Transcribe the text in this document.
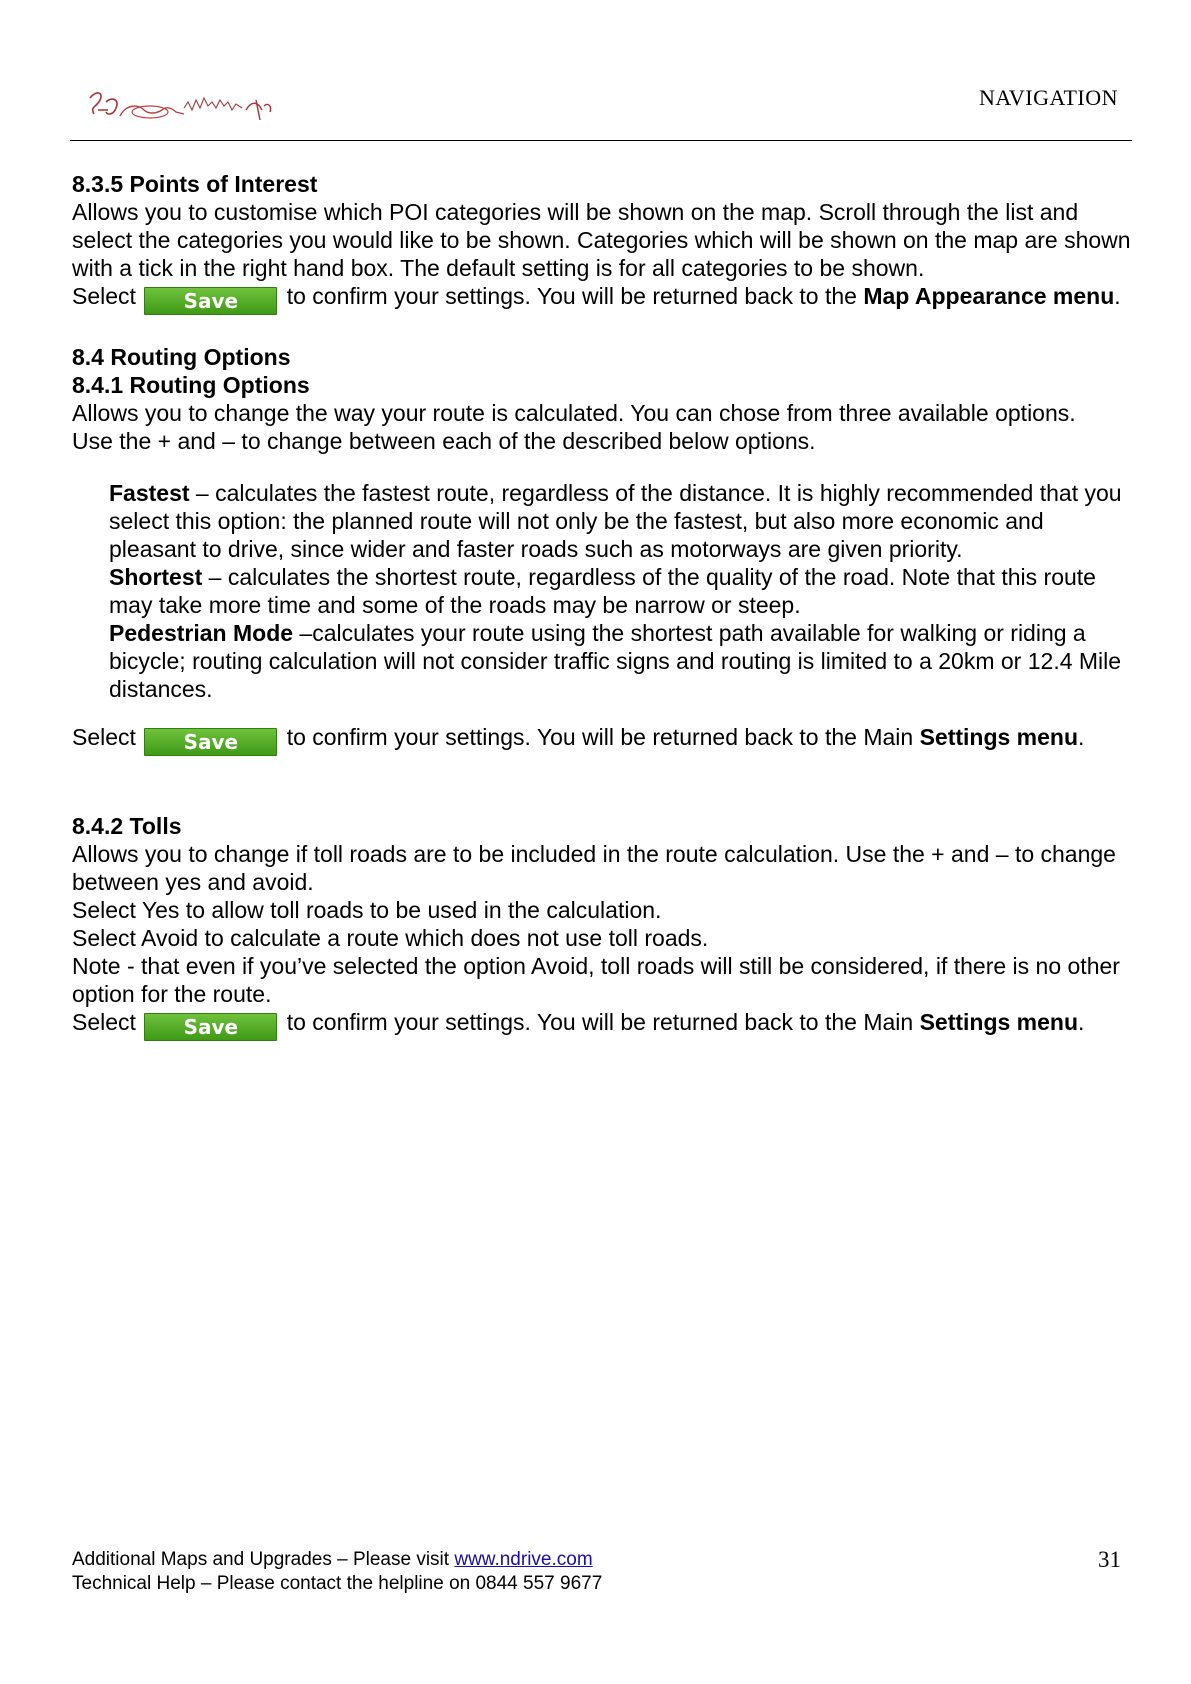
NAVIGATION

8.3.5 Points of Interest

Allows you to customise which POI categories will be shown on the map. Scroll through the list and select the categories you would like to be shown. Categories which will be shown on the map are shown with a tick in the right hand box. The default setting is for all categories to be shown.

Select Save to confirm your settings. You will be returned back to the Map Appearance menu.

8.4 Routing Options

8.4.1 Routing Options

Allows you to change the way your route is calculated. You can chose from three available options.

Use the + and – to change between each of the described below options.

Fastest – calculates the fastest route, regardless of the distance. It is highly recommended that you select this option: the planned route will not only be the fastest, but also more economic and pleasant to drive, since wider and faster roads such as motorways are given priority.

Shortest – calculates the shortest route, regardless of the quality of the road. Note that this route may take more time and some of the roads may be narrow or steep.

Pedestrian Mode –calculates your route using the shortest path available for walking or riding a bicycle; routing calculation will not consider traffic signs and routing is limited to a 20km or 12.4 Mile distances.

Select Save to confirm your settings. You will be returned back to the Main Settings menu.

8.4.2 Tolls

Allows you to change if toll roads are to be included in the route calculation. Use the + and – to change between yes and avoid.

Select Yes to allow toll roads to be used in the calculation.

Select Avoid to calculate a route which does not use toll roads.

Note - that even if you’ve selected the option Avoid, toll roads will still be considered, if there is no other option for the route.

Select Save to confirm your settings. You will be returned back to the Main Settings menu.

Additional Maps and Upgrades – Please visit www.ndrive.com
Technical Help – Please contact the helpline on 0844 557 9677
31
